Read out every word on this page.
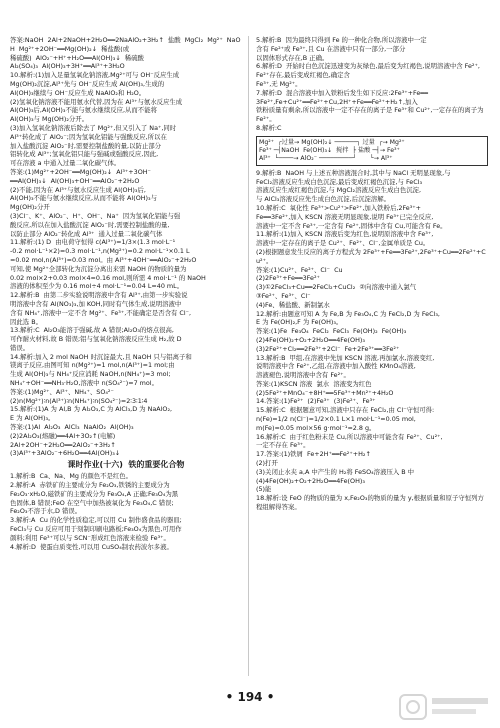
答案:NaOH  2Al+2NaOH+2H₂O══2NaAlO₂+3H₂↑  盐酸  MgCl₂  Mg²⁺  NaOH  Mg²⁺+2OH⁻══Mg(OH)₂↓  稀盐酸(或
稀硫酸)  AlO₂⁻+H⁺+H₂O══Al(OH)₃↓  稀硫酸
Al₂(SO₄)₃  Al(OH)₃+3H⁺══Al³⁺+3H₂O
10.解析:(1)加入足量氢氧化钠溶液,Mg²⁺可与 OH⁻反应生成
Mg(OH)₂沉淀,Al³⁺先与 OH⁻反应生成 Al(OH)₃,生成的
Al(OH)₃继续与 OH⁻反应生成 NaAlO₂和 H₂O。
(2)氢氧化钠溶液不能用氨水代替,因为在 Al³⁺与氨水反应生成
Al(OH)₃后,Al(OH)₃不能与氨水继续反应,从而不能将
Al(OH)₃与 Mg(OH)₂分开。
(3)加入氢氧化钠溶液后除去了 Mg²⁺,但又引入了 Na⁺,同时
Al³⁺转化成了 AlO₂⁻;因为氢氧化铝能与强酸反应,所以在
加入盐酸沉淀 AlO₂⁻时,需要控制盐酸的量,以防止部分
铝转化成 Al³⁺;氢氧化铝只能与强碱或强酸反应,因此,
可在溶液 a 中通入过量二氧化碳气体。
答案:(1)Mg²⁺+2OH⁻══Mg(OH)₂↓  Al³⁺+3OH⁻
══Al(OH)₃↓  Al(OH)₃+OH⁻══AlO₂⁻+2H₂O
(2)不能,因为在 Al³⁺与氨水反应生成 Al(OH)₃后,
Al(OH)₃不能与氨水继续反应,从而不能将 Al(OH)₃与
Mg(OH)₂分开
(3)Cl⁻、K⁺、AlO₂⁻、H⁺、OH⁻、Na⁺  因为氢氧化铝能与强
酸反应,所以在加入盐酸沉淀 AlO₂⁻时,需要控制盐酸的量,
以防止部分 AlO₂⁻转化成 Al³⁺  通入过量二氧化碳气体
11.解析:(1) D  由电荷守恒得 c(Al³⁺)=1/3×(1.3 mol·L⁻¹
-0.2 mol·L⁻¹×2)=0.3 mol·L⁻¹,n(Mg²⁺)=0.2 mol·L⁻¹×0.1 L
=0.02 mol,n(Al³⁺)=0.03 mol。由 Al³⁺+4OH⁻══AlO₂⁻+2H₂O
可知,使 Mg²⁺全部转化为沉淀分离出来需 NaOH 的物质的量为
0.02 mol×2+0.03 mol×4=0.16 mol,则所需 4 mol·L⁻¹ 的 NaOH
溶液的体积至少为 0.16 mol÷4 mol·L⁻¹=0.04 L=40 mL。
12.解析:B  由第二步实验说明溶液中含有 Al³⁺,由第一步实验说
明溶液中含有 Al(NO₃)₃,加 KOH,同时有气体生成,说明溶液中
含有 NH₄⁺,溶液中一定不含 Mg²⁺、Fe³⁺,不能确定是否含有 Cl⁻,
因此选 B。
13.解析:C  Al₂O₃能溶于强碱,故 A 错误;Al₂O₃的熔点很高,
可作耐火材料,故 B 错误;铝与氢氧化钠溶液反应生成 H₂,故 D
错误。
14.解析:加入 2 mol NaOH 时沉淀最大,且 NaOH 只与铝离子和
镁离子反应,由图可知 n(Mg²⁺)=1 mol,n(Al³⁺)=1 mol;由
生成 Al(OH)₃与 NH₄⁺反应消耗 NaOH,n(NH₄⁺)=3 mol;
NH₄⁺+OH⁻══NH₃·H₂O,溶液中 n(SO₄²⁻)=7 mol。
答案:(1)Mg²⁺、Al³⁺、NH₄⁺、SO₄²⁻
(2)n(Mg²⁺)∶n(Al³⁺)∶n(NH₄⁺)∶n(SO₄²⁻)=2∶3∶1∶4
15.解析:(1)A 为 Al,B 为 Al₂O₃,C 为 AlCl₃,D 为 NaAlO₂,
E 为 Al(OH)₃。
答案:(1)Al  Al₂O₃  AlCl₃  NaAlO₂  Al(OH)₃
(2)2Al₂O₃(熔融)══4Al+3O₂↑(电解)
2Al+2OH⁻+2H₂O══2AlO₂⁻+3H₂↑
(3)Al³⁺+3AlO₂⁻+6H₂O══4Al(OH)₃↓
课时作业(十六)  铁的重要化合物
1.解析:B  Ca、Na、Mg 的颜色不是红色。
2.解析:A  赤铁矿的主要成分为 Fe₂O₃,铁锈的主要成分为
Fe₂O₃·xH₂O,磁铁矿的主要成分为 Fe₃O₄,A 正确;Fe₃O₄为黑
色固体,B 错误;FeO 在空气中加热被氧化为 Fe₃O₄,C 错误;
Fe₂O₃不溶于水,D 错误。
3.解析:A  Cu 的化学性质稳定,可以用 Cu 制作盛食品的器皿;
FeCl₃与 Cu 反应可用于刻制印刷电路板;Fe₃O₄为黑色,可用作
颜料;利用 Fe³⁺可以与 SCN⁻形成红色溶液来检验 Fe³⁺。
4.解析:D  使蛋白质变性,可以用 CuSO₄制农药波尔多液。
5.解析:B  因为最终只得到 Fe 的一种化合物,所以溶液中一定
含有 Fe²⁺或 Fe³⁺,且 Cu 在溶液中只有一部分,一部分
以固体形式存在,B 正确。
6.解析:D  开始时白色沉淀迅速变为灰绿色,最后变为红褐色,说明溶液中含 Fe²⁺,
Fe²⁺存在,最后变成红褐色,确定含
Fe³⁺,无 Mg²⁺。
7.解析:D  混合溶液中加入铁粉后发生如下反应:2Fe³⁺+Fe══
3Fe²⁺,Fe+Cu²⁺══Fe²⁺+Cu,2H⁺+Fe══Fe²⁺+H₂↑,加入
铁粉质量有剩余,所以溶液中一定不存在的离子是 Fe³⁺和 Cu²⁺,一定存在的离子为
Fe²⁺。
8.解析:C
Mg²⁺  ┌过量→ Mg(OH)₂↓ ──────┐ 过量  ┌→ Mg²⁺
Fe³⁺ ─┤NaOH  Fe(OH)₃↓  搅拌  ├ 盐酸 ─┤→ Fe³⁺
Al³⁺  └────→ AlO₂⁻ ─────────┘       └→ Al³⁺
9.解析:B  NaOH 与上述五种溶液混合时,其中与 NaCl 无明显现象,与
FeCl₂溶液反应生成白色沉淀,最后变成红褐色沉淀,与 FeCl₃
溶液反应生成红褐色沉淀,与 MgCl₂溶液反应生成白色沉淀,
与 AlCl₃溶液反应先生成白色沉淀,后沉淀溶解。
10.解析:C  氧化性 Fe³⁺>Cu²⁺>Fe²⁺,加入铁粉后,2Fe³⁺+
Fe══3Fe²⁺,加入 KSCN 溶液无明显现象,说明 Fe³⁺已完全反应,
溶液中一定不含 Fe³⁺,一定含有 Fe²⁺,固体中含有 Cu,可能含有 Fe。
11.解析:(1)加入 KSCN 溶液后变为红色,说明原溶液中含 Fe³⁺,
溶液中一定存在的离子是 Cu²⁺、Fe²⁺、Cl⁻,金属单质是 Cu。
(2)根据题意发生反应的离子方程式为 2Fe³⁺+Fe══3Fe²⁺,2Fe³⁺+Cu══2Fe²⁺+Cu²⁺。
答案:(1)Cu²⁺、Fe²⁺、Cl⁻  Cu
(2)2Fe³⁺+Fe══3Fe²⁺
(3)①2FeCl₃+Cu══2FeCl₂+CuCl₂  ②向溶液中通入氯气
③Fe²⁺、Fe³⁺、Cl⁻
(4)Fe、稀盐酸、新制氯水
12.解析:由题意可知 A 为 Fe,B 为 Fe₃O₄,C 为 FeCl₂,D 为 FeCl₃,
E 为 Fe(OH)₂,F 为 Fe(OH)₃。
答案:(1)Fe  Fe₃O₄  FeCl₂  FeCl₃  Fe(OH)₂  Fe(OH)₃
(2)4Fe(OH)₂+O₂+2H₂O══4Fe(OH)₃
(3)2Fe²⁺+Cl₂══2Fe³⁺+2Cl⁻  Fe+2Fe³⁺══3Fe²⁺
13.解析:B  甲组,在溶液中先加 KSCN 溶液,再加氯水,溶液变红,
说明溶液中含 Fe²⁺,乙组,在溶液中加入酸性 KMnO₄溶液,
溶液褪色,说明溶液中含有 Fe²⁺。
答案:(1)KSCN 溶液  氯水  溶液变为红色
(2)5Fe²⁺+MnO₄⁻+8H⁺══5Fe³⁺+Mn²⁺+4H₂O
14.答案:(1)Fe²⁺  (2)Fe³⁺  (3)Fe²⁺、Fe³⁺
15.解析:C  根据题意可知,溶液中只存在 FeCl₂,由 Cl⁻守恒可得:
n(Fe)=1/2 n(Cl⁻)=1/2×0.1 L×1 mol·L⁻¹=0.05 mol,
m(Fe)=0.05 mol×56 g·mol⁻¹=2.8 g。
16.解析:C  由于红色粉末是 Cu,所以溶液中可能含有 Fe²⁺、Cu²⁺,
一定不存在 Fe³⁺。
17.答案:(1)铁屑  Fe+2H⁺══Fe²⁺+H₂↑
(2)打开
(3)关闭止水夹 a,A 中产生的 H₂将 FeSO₄溶液压入 B 中
(4)4Fe(OH)₂+O₂+2H₂O══4Fe(OH)₃
(5)能
18.解析:设 FeO 的物质的量为 x,Fe₂O₃的物质的量为 y,根据质量和原子守恒列方程组解得答案。
• 194 •
